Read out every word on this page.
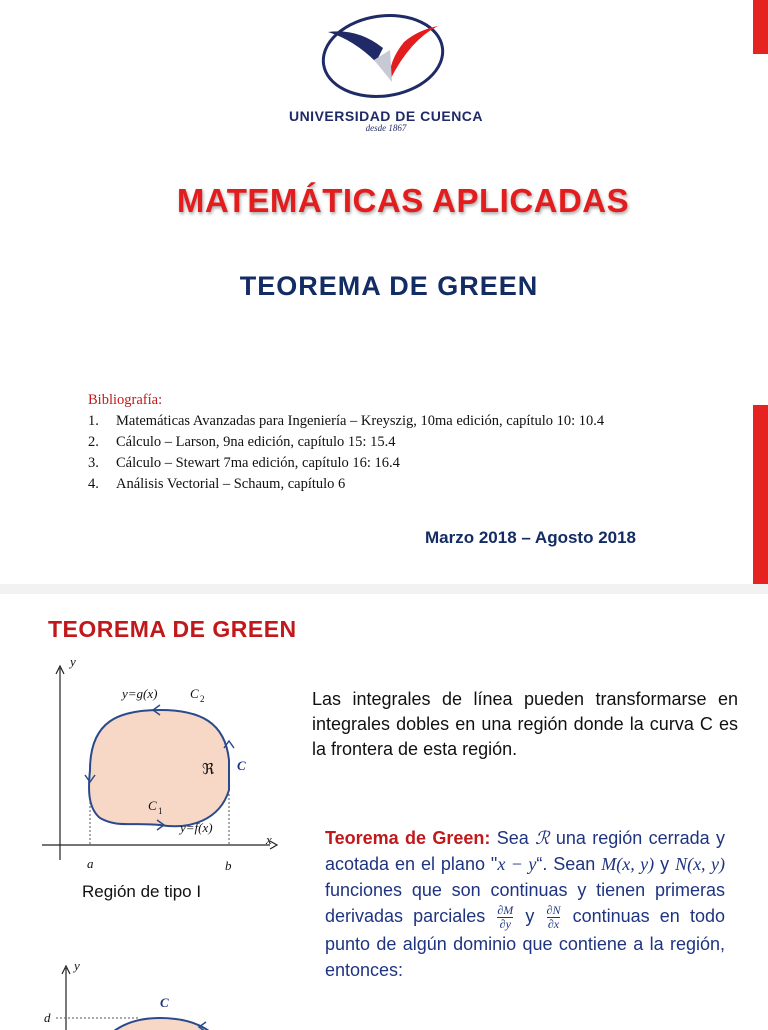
UNIVERSIDAD DE CUENCA
desde 1867
MATEMÁTICAS APLICADAS
TEOREMA DE GREEN
Bibliografía:
1. Matemáticas Avanzadas para Ingeniería – Kreyszig, 10ma edición, capítulo 10: 10.4
2. Cálculo – Larson, 9na edición, capítulo 15: 15.4
3. Cálculo – Stewart 7ma edición, capítulo 16: 16.4
4. Análisis Vectorial – Schaum, capítulo 6
Marzo 2018 – Agosto 2018
TEOREMA DE GREEN
y
x
a	b
y=g(x)	C 2
ℜ C
C 1
y=f(x)
y
d
C
Región de tipo I
Las integrales de línea pueden transformarse en integrales dobles en una región donde la curva C es la frontera de esta región.
Teorema de Green: Sea ℛ una región cerrada y acotada en el plano "x − y“. Sean M(x, y) y N(x, y) funciones que son continuas y tienen primeras derivadas parciales $\frac{\partial M}{\partial y}$ y $\frac{\partial N}{\partial x}$ continuas en todo punto de algún dominio que contiene a la región, entonces:
